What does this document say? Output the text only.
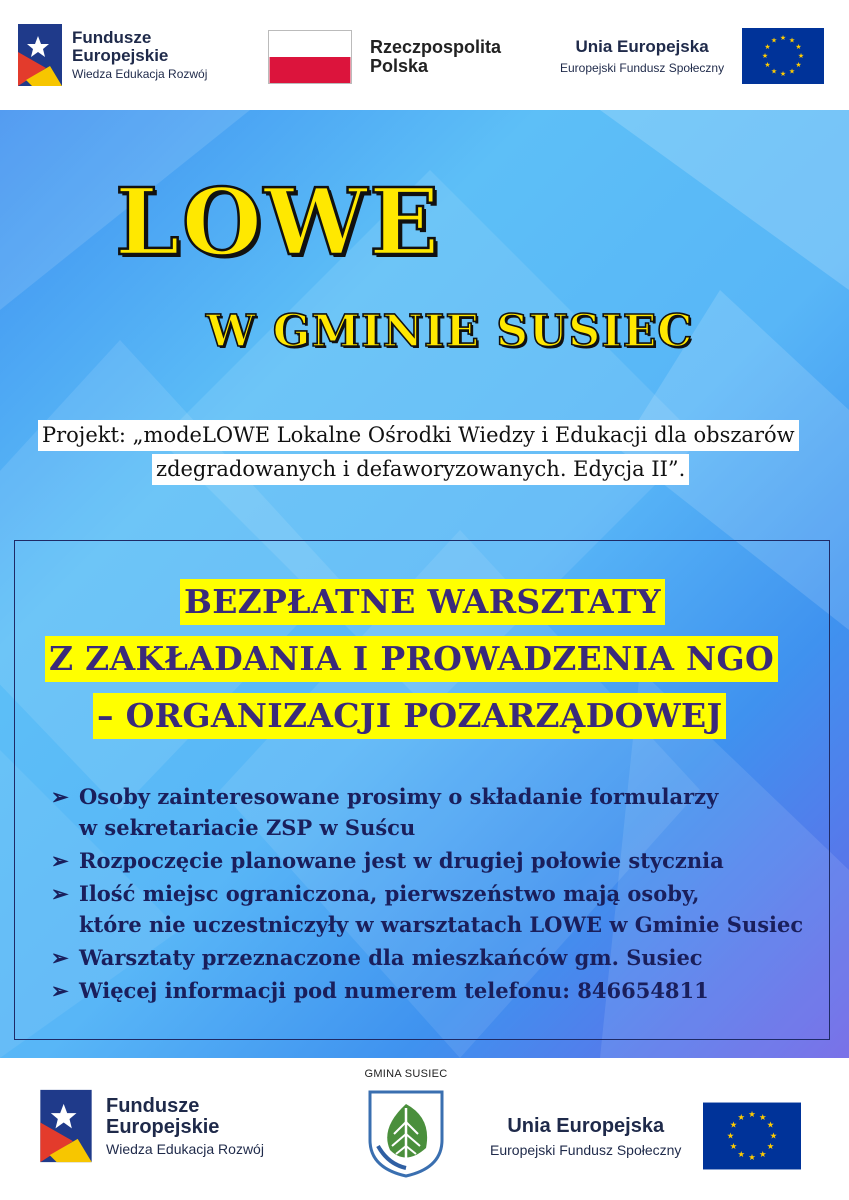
Fundusze
Europejskie
Wiedza Edukacja Rozwój
Rzeczpospolita
Polska
Unia Europejska
Europejski Fundusz Społeczny
★ ★
★
★
★
★
★
★
★
★
★
★
LOWE
W GMINIE SUSIEC
Projekt: „modeLOWE Lokalne Ośrodki Wiedzy i Edukacji dla obszarów
zdegradowanych i defaworyzowanych. Edycja II”.
BEZPŁATNE WARSZTATY
Z ZAKŁADANIA I PROWADZENIA NGO
– ORGANIZACJI POZARZĄDOWEJ
➢ Osoby zainteresowane prosimy o składanie formularzy
w sekretariacie ZSP w Suścu
➢ Rozpoczęcie planowane jest w drugiej połowie stycznia
➢ Ilość miejsc ograniczona, pierwszeństwo mają osoby,
które nie uczestniczyły w warsztatach LOWE w Gminie Susiec
➢ Warsztaty przeznaczone dla mieszkańców gm. Susiec
➢ Więcej informacji pod numerem telefonu: 846654811
Fundusze
Europejskie
Wiedza Edukacja Rozwój
GMINA SUSIEC
Unia Europejska
Europejski Fundusz Społeczny
★ ★
★
★
★
★
★
★
★
★
★
★
